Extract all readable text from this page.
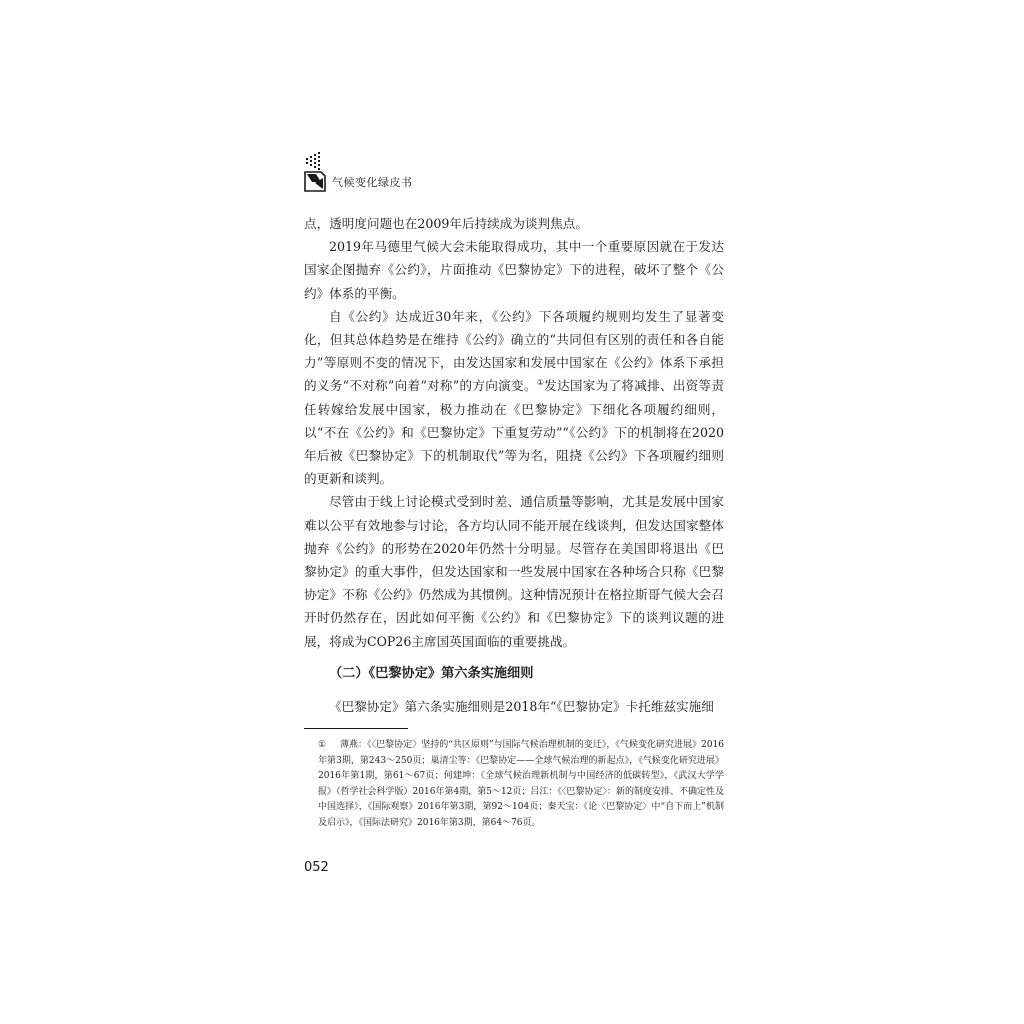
气候变化绿皮书

点，透明度问题也在2009年后持续成为谈判焦点。

2019年马德里气候大会未能取得成功，其中一个重要原因就在于发达国家企图抛弃《公约》，片面推动《巴黎协定》下的进程，破坏了整个《公约》体系的平衡。

自《公约》达成近30年来，《公约》下各项履约规则均发生了显著变化，但其总体趋势是在维持《公约》确立的“共同但有区别的责任和各自能力”等原则不变的情况下，由发达国家和发展中国家在《公约》体系下承担的义务“不对称”向着“对称”的方向演变。①发达国家为了将减排、出资等责任转嫁给发展中国家，极力推动在《巴黎协定》下细化各项履约细则，以“不在《公约》和《巴黎协定》下重复劳动”“《公约》下的机制将在2020年后被《巴黎协定》下的机制取代”等为名，阻挠《公约》下各项履约细则的更新和谈判。

尽管由于线上讨论模式受到时差、通信质量等影响，尤其是发展中国家难以公平有效地参与讨论，各方均认同不能开展在线谈判，但发达国家整体抛弃《公约》的形势在2020年仍然十分明显。尽管存在美国即将退出《巴黎协定》的重大事件，但发达国家和一些发展中国家在各种场合只称《巴黎协定》不称《公约》仍然成为其惯例。这种情况预计在格拉斯哥气候大会召开时仍然存在，因此如何平衡《公约》和《巴黎协定》下的谈判议题的进展，将成为COP26主席国英国面临的重要挑战。

（二）《巴黎协定》第六条实施细则

《巴黎协定》第六条实施细则是2018年“《巴黎协定》卡托维兹实施细

① 薄燕：《〈巴黎协定〉坚持的“共区原则”与国际气候治理机制的变迁》，《气候变化研究进展》2016年第3期，第243～250页；巢清尘等：《巴黎协定——全球气候治理的新起点》，《气候变化研究进展》2016年第1期，第61～67页；何建坤：《全球气候治理新机制与中国经济的低碳转型》，《武汉大学学报》（哲学社会科学版）2016年第4期，第5～12页；吕江：《〈巴黎协定〉：新的制度安排、不确定性及中国选择》，《国际观察》2016年第3期，第92～104页；秦天宝：《论〈巴黎协定〉中“自下而上”机制及启示》，《国际法研究》2016年第3期，第64～76页。
052
